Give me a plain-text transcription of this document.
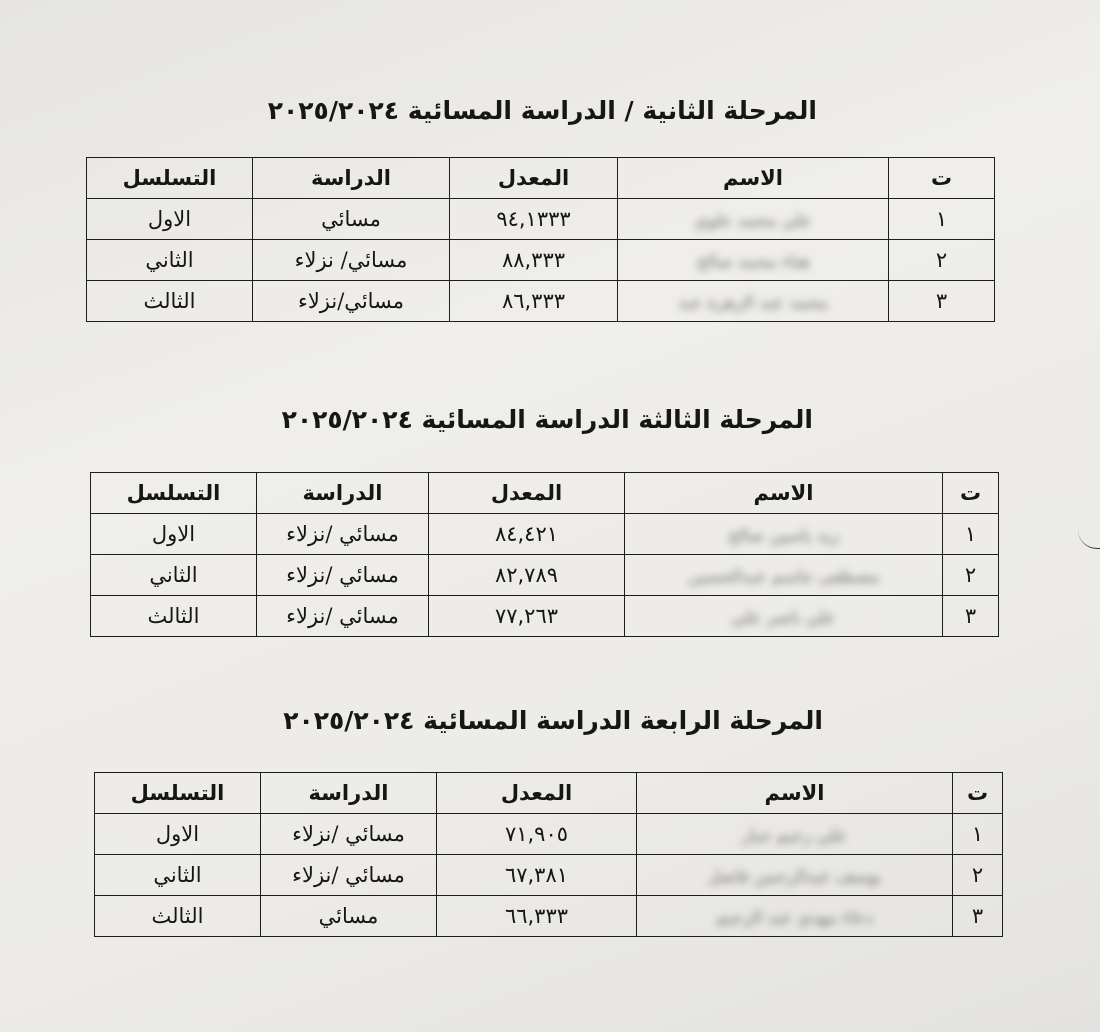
المرحلة الثانية / الدراسة المسائية ٢٠٢٥/٢٠٢٤
ت	الاسم	المعدل	الدراسة	التسلسل
١	علي محمد علوي	٩٤,١٣٣٣	مسائي	الاول
٢	هناء محمد صالح	٨٨,٣٣٣	مسائي/ نزلاء	الثاني
٣	محمد عبد الزهرة عبد	٨٦,٣٣٣	مسائي/نزلاء	الثالث
المرحلة الثالثة الدراسة المسائية ٢٠٢٥/٢٠٢٤
ت	الاسم	المعدل	الدراسة	التسلسل
١	زيد ياسين صالح	٨٤,٤٢١	مسائي /نزلاء	الاول
٢	مصطفى جاسم عبدالحسين	٨٢,٧٨٩	مسائي /نزلاء	الثاني
٣	علي ناصر علي	٧٧,٢٦٣	مسائي /نزلاء	الثالث
المرحلة الرابعة الدراسة المسائية ٢٠٢٥/٢٠٢٤
ت	الاسم	المعدل	الدراسة	التسلسل
١	علي رحيم جبار	٧١,٩٠٥	مسائي /نزلاء	الاول
٢	يوسف عبدالرحمن فاضل	٦٧,٣٨١	مسائي /نزلاء	الثاني
٣	دعاء مهدي عبد الرحيم	٦٦,٣٣٣	مسائي	الثالث
